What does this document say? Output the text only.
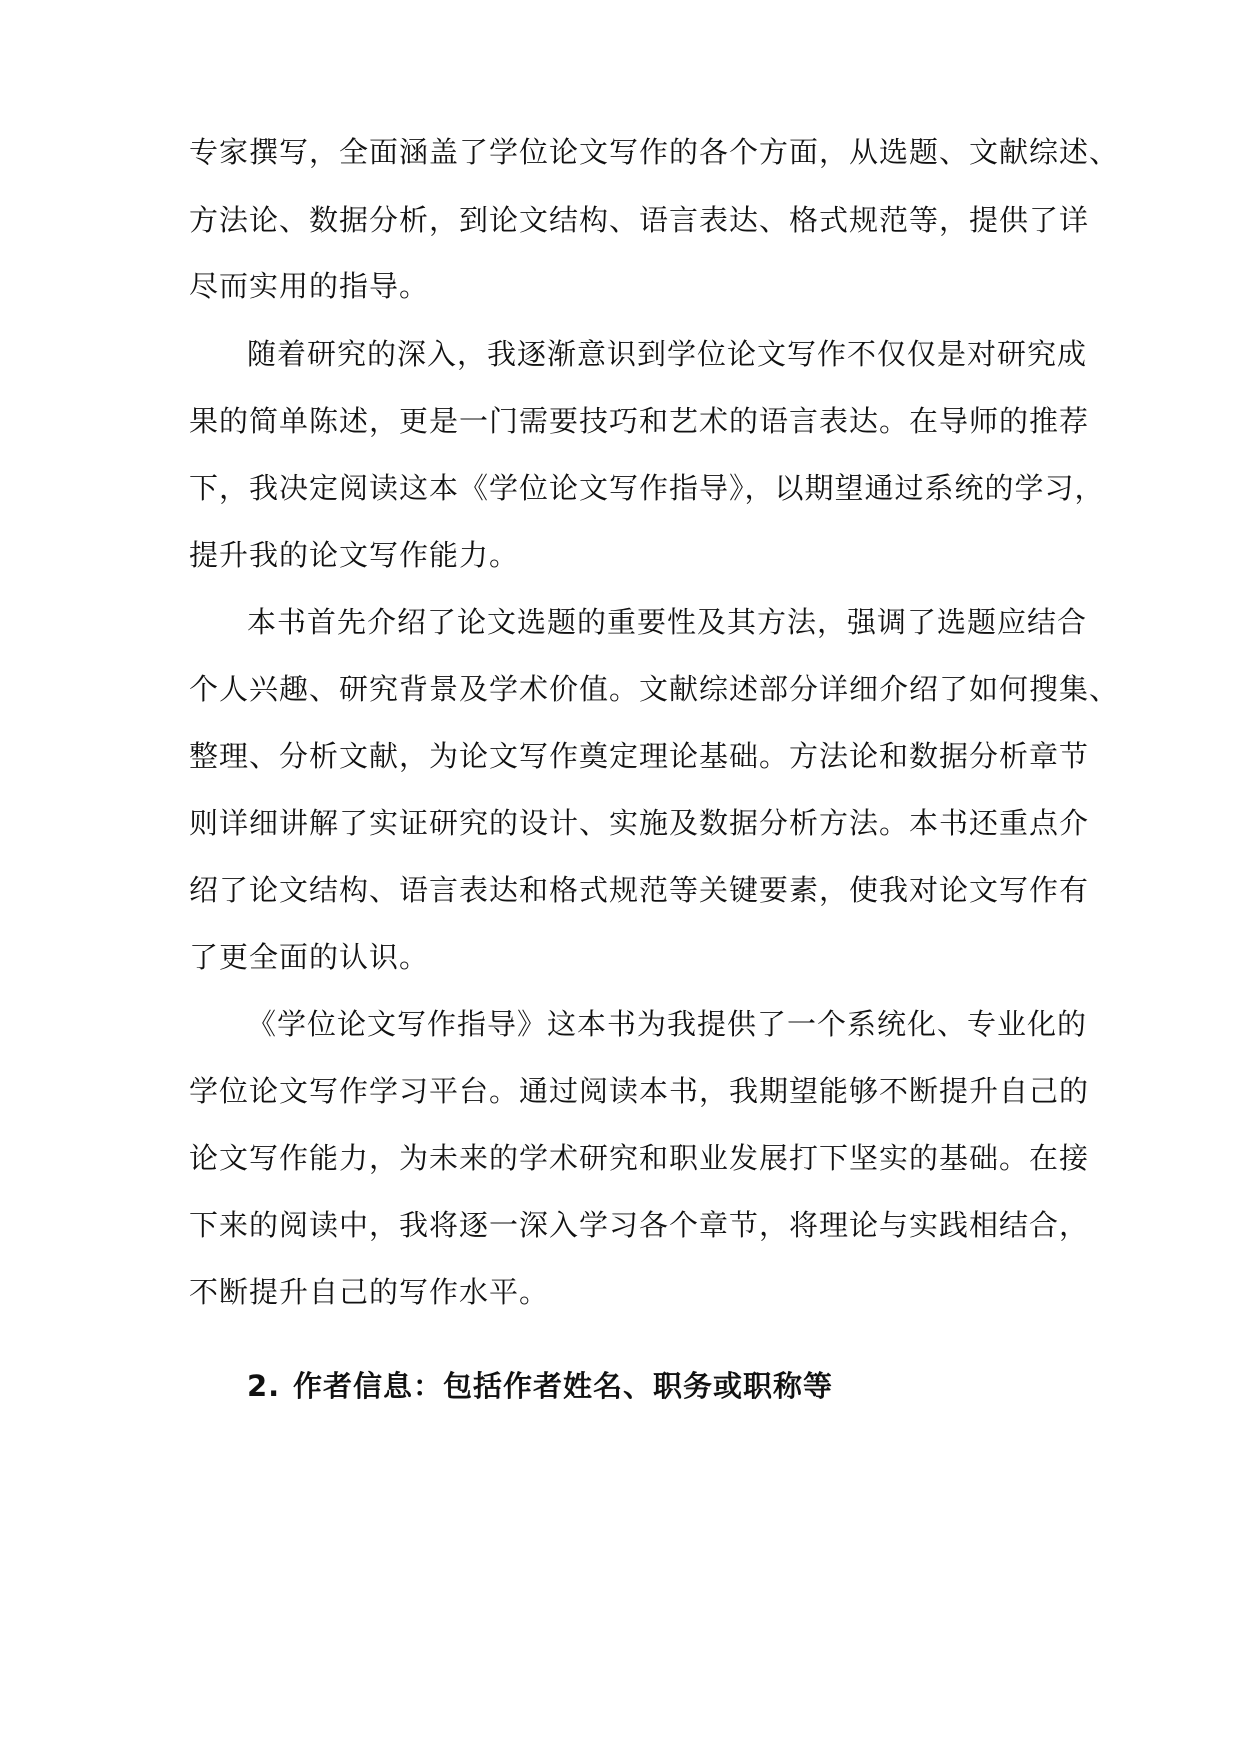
专家撰写，全面涵盖了学位论文写作的各个方面，从选题、文献综述、
方法论、数据分析，到论文结构、语言表达、格式规范等，提供了详
尽而实用的指导。
随着研究的深入，我逐渐意识到学位论文写作不仅仅是对研究成
果的简单陈述，更是一门需要技巧和艺术的语言表达。在导师的推荐
下，我决定阅读这本《学位论文写作指导》，以期望通过系统的学习，
提升我的论文写作能力。
本书首先介绍了论文选题的重要性及其方法，强调了选题应结合
个人兴趣、研究背景及学术价值。文献综述部分详细介绍了如何搜集、
整理、分析文献，为论文写作奠定理论基础。方法论和数据分析章节
则详细讲解了实证研究的设计、实施及数据分析方法。本书还重点介
绍了论文结构、语言表达和格式规范等关键要素，使我对论文写作有
了更全面的认识。
《学位论文写作指导》这本书为我提供了一个系统化、专业化的
学位论文写作学习平台。通过阅读本书，我期望能够不断提升自己的
论文写作能力，为未来的学术研究和职业发展打下坚实的基础。在接
下来的阅读中，我将逐一深入学习各个章节，将理论与实践相结合，
不断提升自己的写作水平。
2. 作者信息：包括作者姓名、职务或职称等
